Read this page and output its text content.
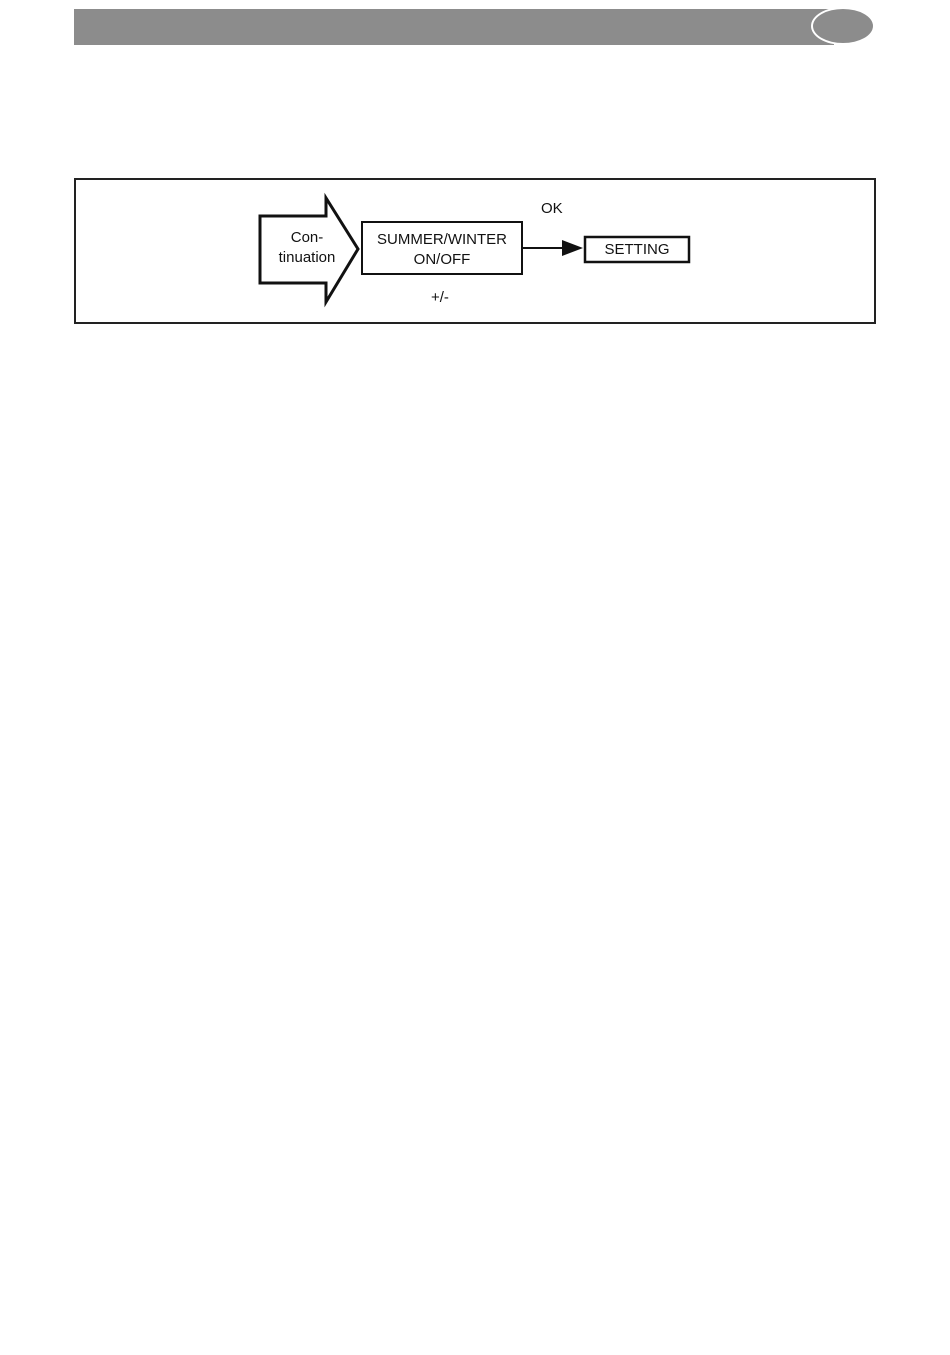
Con-
tinuation
SUMMER/WINTER
ON/OFF
OK
+/-
SETTING
